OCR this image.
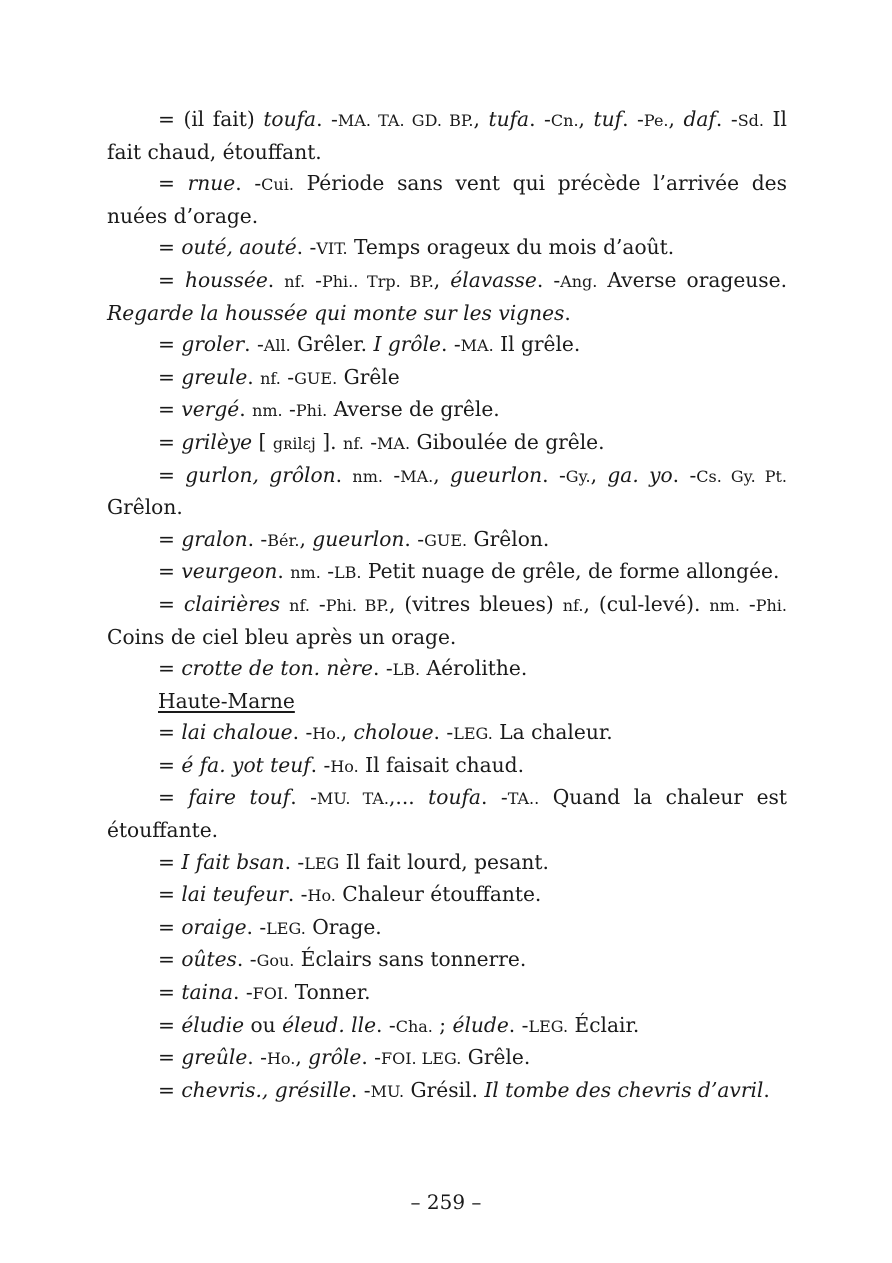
= (il fait) toufa. -MA. TA. GD. BP., tufa. -Cn., tuf. -Pe., daf. -Sd. Il fait chaud, étouffant.

= rnue. -Cui. Période sans vent qui précède l’arrivée des nuées d’orage.

= outé, aouté. -VIT. Temps orageux du mois d’août.

= houssée. nf. -Phi.. Trp. BP., élavasse. -Ang. Averse orageuse. Regarde la houssée qui monte sur les vignes.

= groler. -All. Grêler. I grôle. -MA. Il grêle.

= greule. nf. -GUE. Grêle

= vergé. nm. -Phi. Averse de grêle.

= grilèye [ gʀilɛj ]. nf. -MA. Giboulée de grêle.

= gurlon, grôlon. nm. -MA., gueurlon. -Gy., ga. yo. -Cs. Gy. Pt. Grêlon.

= gralon. -Bér., gueurlon. -GUE. Grêlon.

= veurgeon. nm. -LB. Petit nuage de grêle, de forme allongée.

= clairières nf. -Phi. BP., (vitres bleues) nf., (cul-levé). nm. -Phi. Coins de ciel bleu après un orage.

= crotte de ton. nère. -LB. Aérolithe.

Haute-Marne

= lai chaloue. -Ho., choloue. -LEG. La chaleur.

= é fa. yot teuf. -Ho. Il faisait chaud.

= faire touf. -MU. TA.,... toufa. -TA.. Quand la chaleur est étouffante.

= I fait bsan. -LEG Il fait lourd, pesant.

= lai teufeur. -Ho. Chaleur étouffante.

= oraige. -LEG. Orage.

= oûtes. -Gou. Éclairs sans tonnerre.

= taina. -FOI. Tonner.

= éludie ou éleud. lle. -Cha. ; élude. -LEG. Éclair.

= greûle. -Ho., grôle. -FOI. LEG. Grêle.

= chevris., grésille. -MU. Grésil. Il tombe des chevris d’avril.

– 259 –
